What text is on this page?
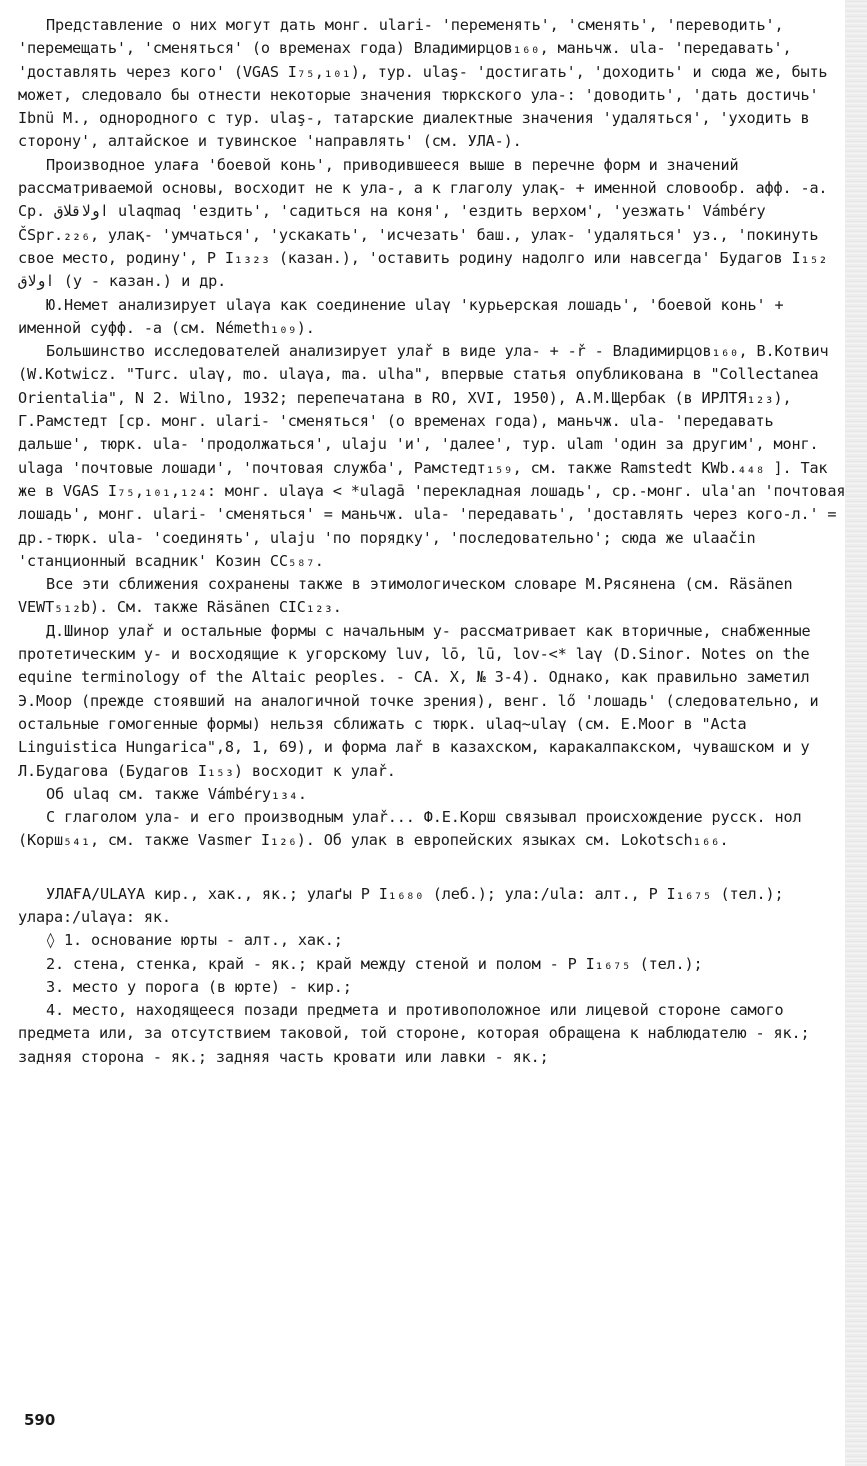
Представление о них могут дать монг. ulari- 'переменять', 'сменять', 'переводить', 'перемещать', 'сменяться' (о временах года) Владимирцов₁₆₀, маньчж. ula- 'передавать', 'доставлять через кого' (VGAS I₇₅,₁₀₁), тур. ulaş- 'достигать', 'доходить' и сюда же, быть может, следовало бы отнести некоторые значения тюркского ула-: 'доводить', 'дать достичь' Ibnü M., однородного с тур. ulaş-, татарские диалектные значения 'удаляться', 'уходить в сторону', алтайское и тувинское 'направлять' (см. УЛА-).

Производное улаға 'боевой конь', приводившееся выше в перечне форм и значений рассматриваемой основы, восходит не к ула-, а к глаголу улақ- + именной словообр. афф. -а. Ср. اولاقلاق ulaqmaq 'ездить', 'садиться на коня', 'ездить верхом', 'уезжать' Vámbéry ČSpr.₂₂₆, улақ- 'умчаться', 'ускакать', 'исчезать' баш., улаҡ- 'удаляться' уз., 'покинуть свое место, родину', Р I₁₃₂₃ (казан.), 'оставить родину надолго или навсегда' Будагов I₁₅₂ اولاق (у - казан.) и др.

Ю.Немет анализирует ulaγa как соединение ulaγ 'курьерская лошадь', 'боевой конь' + именной суфф. -а (см. Németh₁₀₉).

Большинство исследователей анализирует улаř в виде ула- + -ř - Владимирцов₁₆₀, В.Котвич (W.Kotwicz. "Turc. ulaγ, mo. ulaγa, ma. ulha", впервые статья опубликована в "Collectanea Orientalia", N 2. Wilno, 1932; перепечатана в RO, XVI, 1950), А.М.Щербак (в ИРЛТЯ₁₂₃), Г.Рамстедт [ср. монг. ulari- 'сменяться' (о временах года), маньчж. ula- 'передавать дальше', тюрк. ula- 'продолжаться', ulaju 'и', 'далее', тур. ulam 'один за другим', монг. ulaga 'почтовые лошади', 'почтовая служба', Рамстедт₁₅₉, см. также Ramstedt KWb.₄₄₈ ]. Так же в VGAS I₇₅,₁₀₁,₁₂₄: монг. ulaγa < *ulagā 'перекладная лошадь', ср.-монг. ula'an 'почтовая лошадь', монг. ulari- 'сменяться' = маньчж. ula- 'передавать', 'доставлять через кого-л.' = др.-тюрк. ula- 'соединять', ulaju 'по порядку', 'последовательно'; сюда же ulaačin 'станционный всадник' Козин СС₅₈₇.

Все эти сближения сохранены также в этимологическом словаре М.Рясянена (см. Räsänen VEWT₅₁₂b). См. также Räsänen CIC₁₂₃.

Д.Шинор улаř и остальные формы с начальным у- рассматривает как вторичные, снабженные протетическим у- и восходящие к угорскому luv, lō, lū, lov-<* laγ (D.Sinor. Notes on the equine terminology of the Altaic peoples. - CA. X, № 3-4). Однако, как правильно заметил Э.Моор (прежде стоявший на аналогичной точке зрения), венг. lő 'лошадь' (следовательно, и остальные гомогенные формы) нельзя сближать с тюрк. ulaq~ulaγ (см. E.Moor в "Acta Linguistica Hungarica",8, 1, 69), и форма лаř в казахском, каракалпакском, чувашском и у Л.Будагова (Будагов I₁₅₃) восходит к улаř.

Об ulaq см. также Vámbéry₁₃₄.

С глаголом ула- и его производным улаř... Ф.Е.Корш связывал происхождение русск. нол (Корш₅₄₁, см. также Vasmer I₁₂₆). Об улак в европейских языках см. Lokotsch₁₆₆.

УЛАҒА/ULAYA кир., хак., як.; улаґы Р I₁₆₈₀ (леб.); ула:/ula: алт., Р I₁₆₇₅ (тел.); улара:/ulaγa: як.

◊ 1. основание юрты - алт., хак.;

2. стена, стенка, край - як.; край между стеной и полом - Р I₁₆₇₅ (тел.);

3. место у порога (в юрте) - кир.;

4. место, находящееся позади предмета и противоположное или лицевой стороне самого предмета или, за отсутствием таковой, той стороне, которая обращена к наблюдателю - як.; задняя сторона - як.; задняя часть кровати или лавки - як.;

590
